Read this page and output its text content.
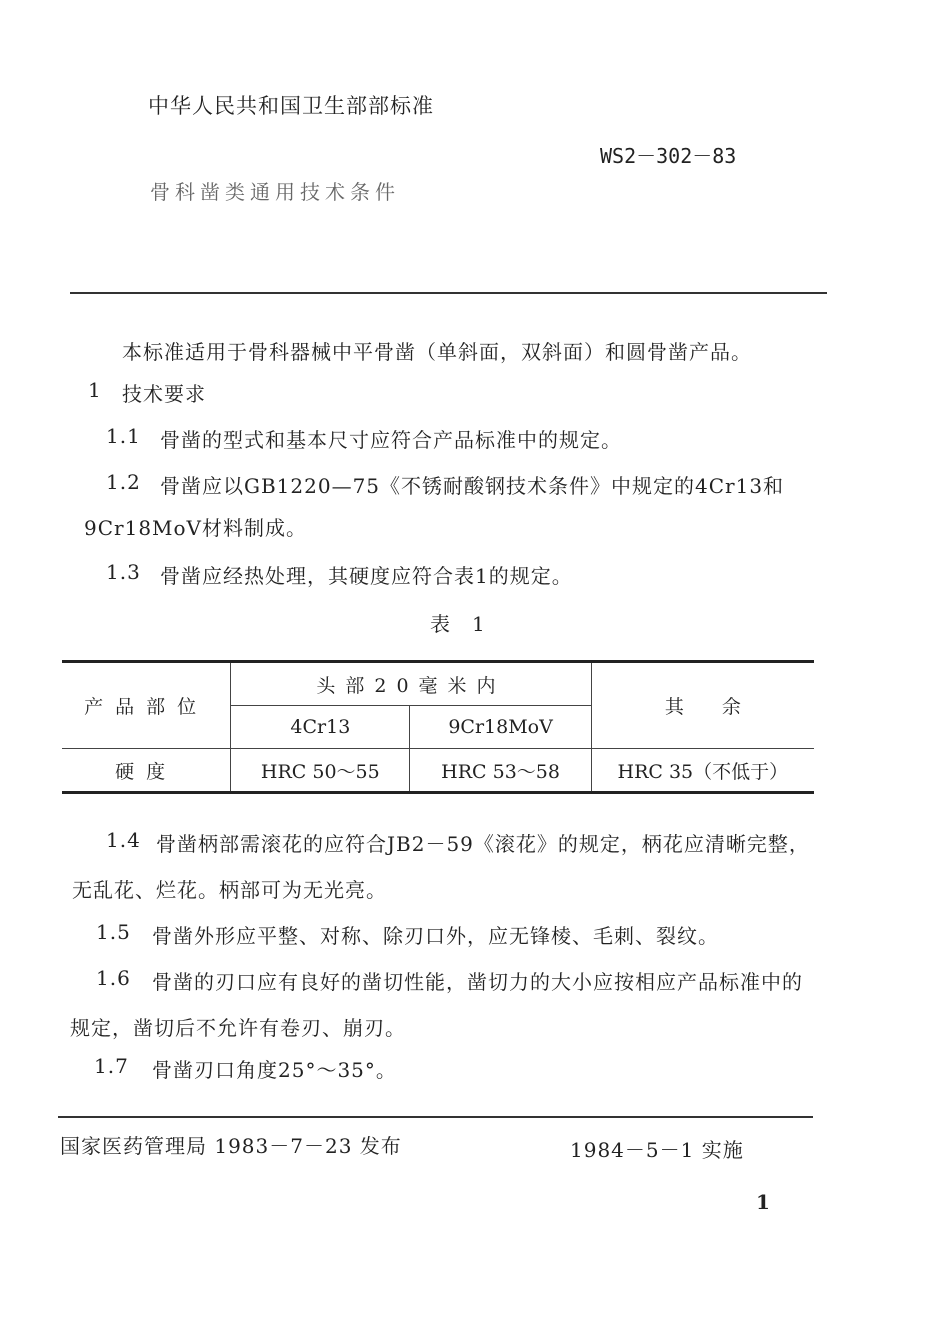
中华人民共和国卫生部部标准
WS2－302－83
骨科凿类通用技术条件
本标准适用于骨科器械中平骨凿（单斜面，双斜面）和圆骨凿产品。
1 技术要求
1.1 骨凿的型式和基本尺寸应符合产品标准中的规定。
1.2 骨凿应以GB1220—75《不锈耐酸钢技术条件》中规定的4Cr13和
9Cr18MoV材料制成。
1.3 骨凿应经热处理，其硬度应符合表1的规定。
表　1
产品部位	头部20毫米内		其　　余
	4Cr13	9Cr18MoV	
硬度	HRC 50～55	HRC 53～58	HRC 35（不低于）
1.4 骨凿柄部需滚花的应符合JB2－59《滚花》的规定，柄花应清晰完整，
无乱花、烂花。柄部可为无光亮。
1.5 骨凿外形应平整、对称、除刃口外，应无锋棱、毛刺、裂纹。
1.6 骨凿的刃口应有良好的凿切性能，凿切力的大小应按相应产品标准中的
规定，凿切后不允许有卷刃、崩刃。
1.7 骨凿刃口角度25°～35°。
国家医药管理局 1983－7－23 发布	1984－5－1 实施
1
